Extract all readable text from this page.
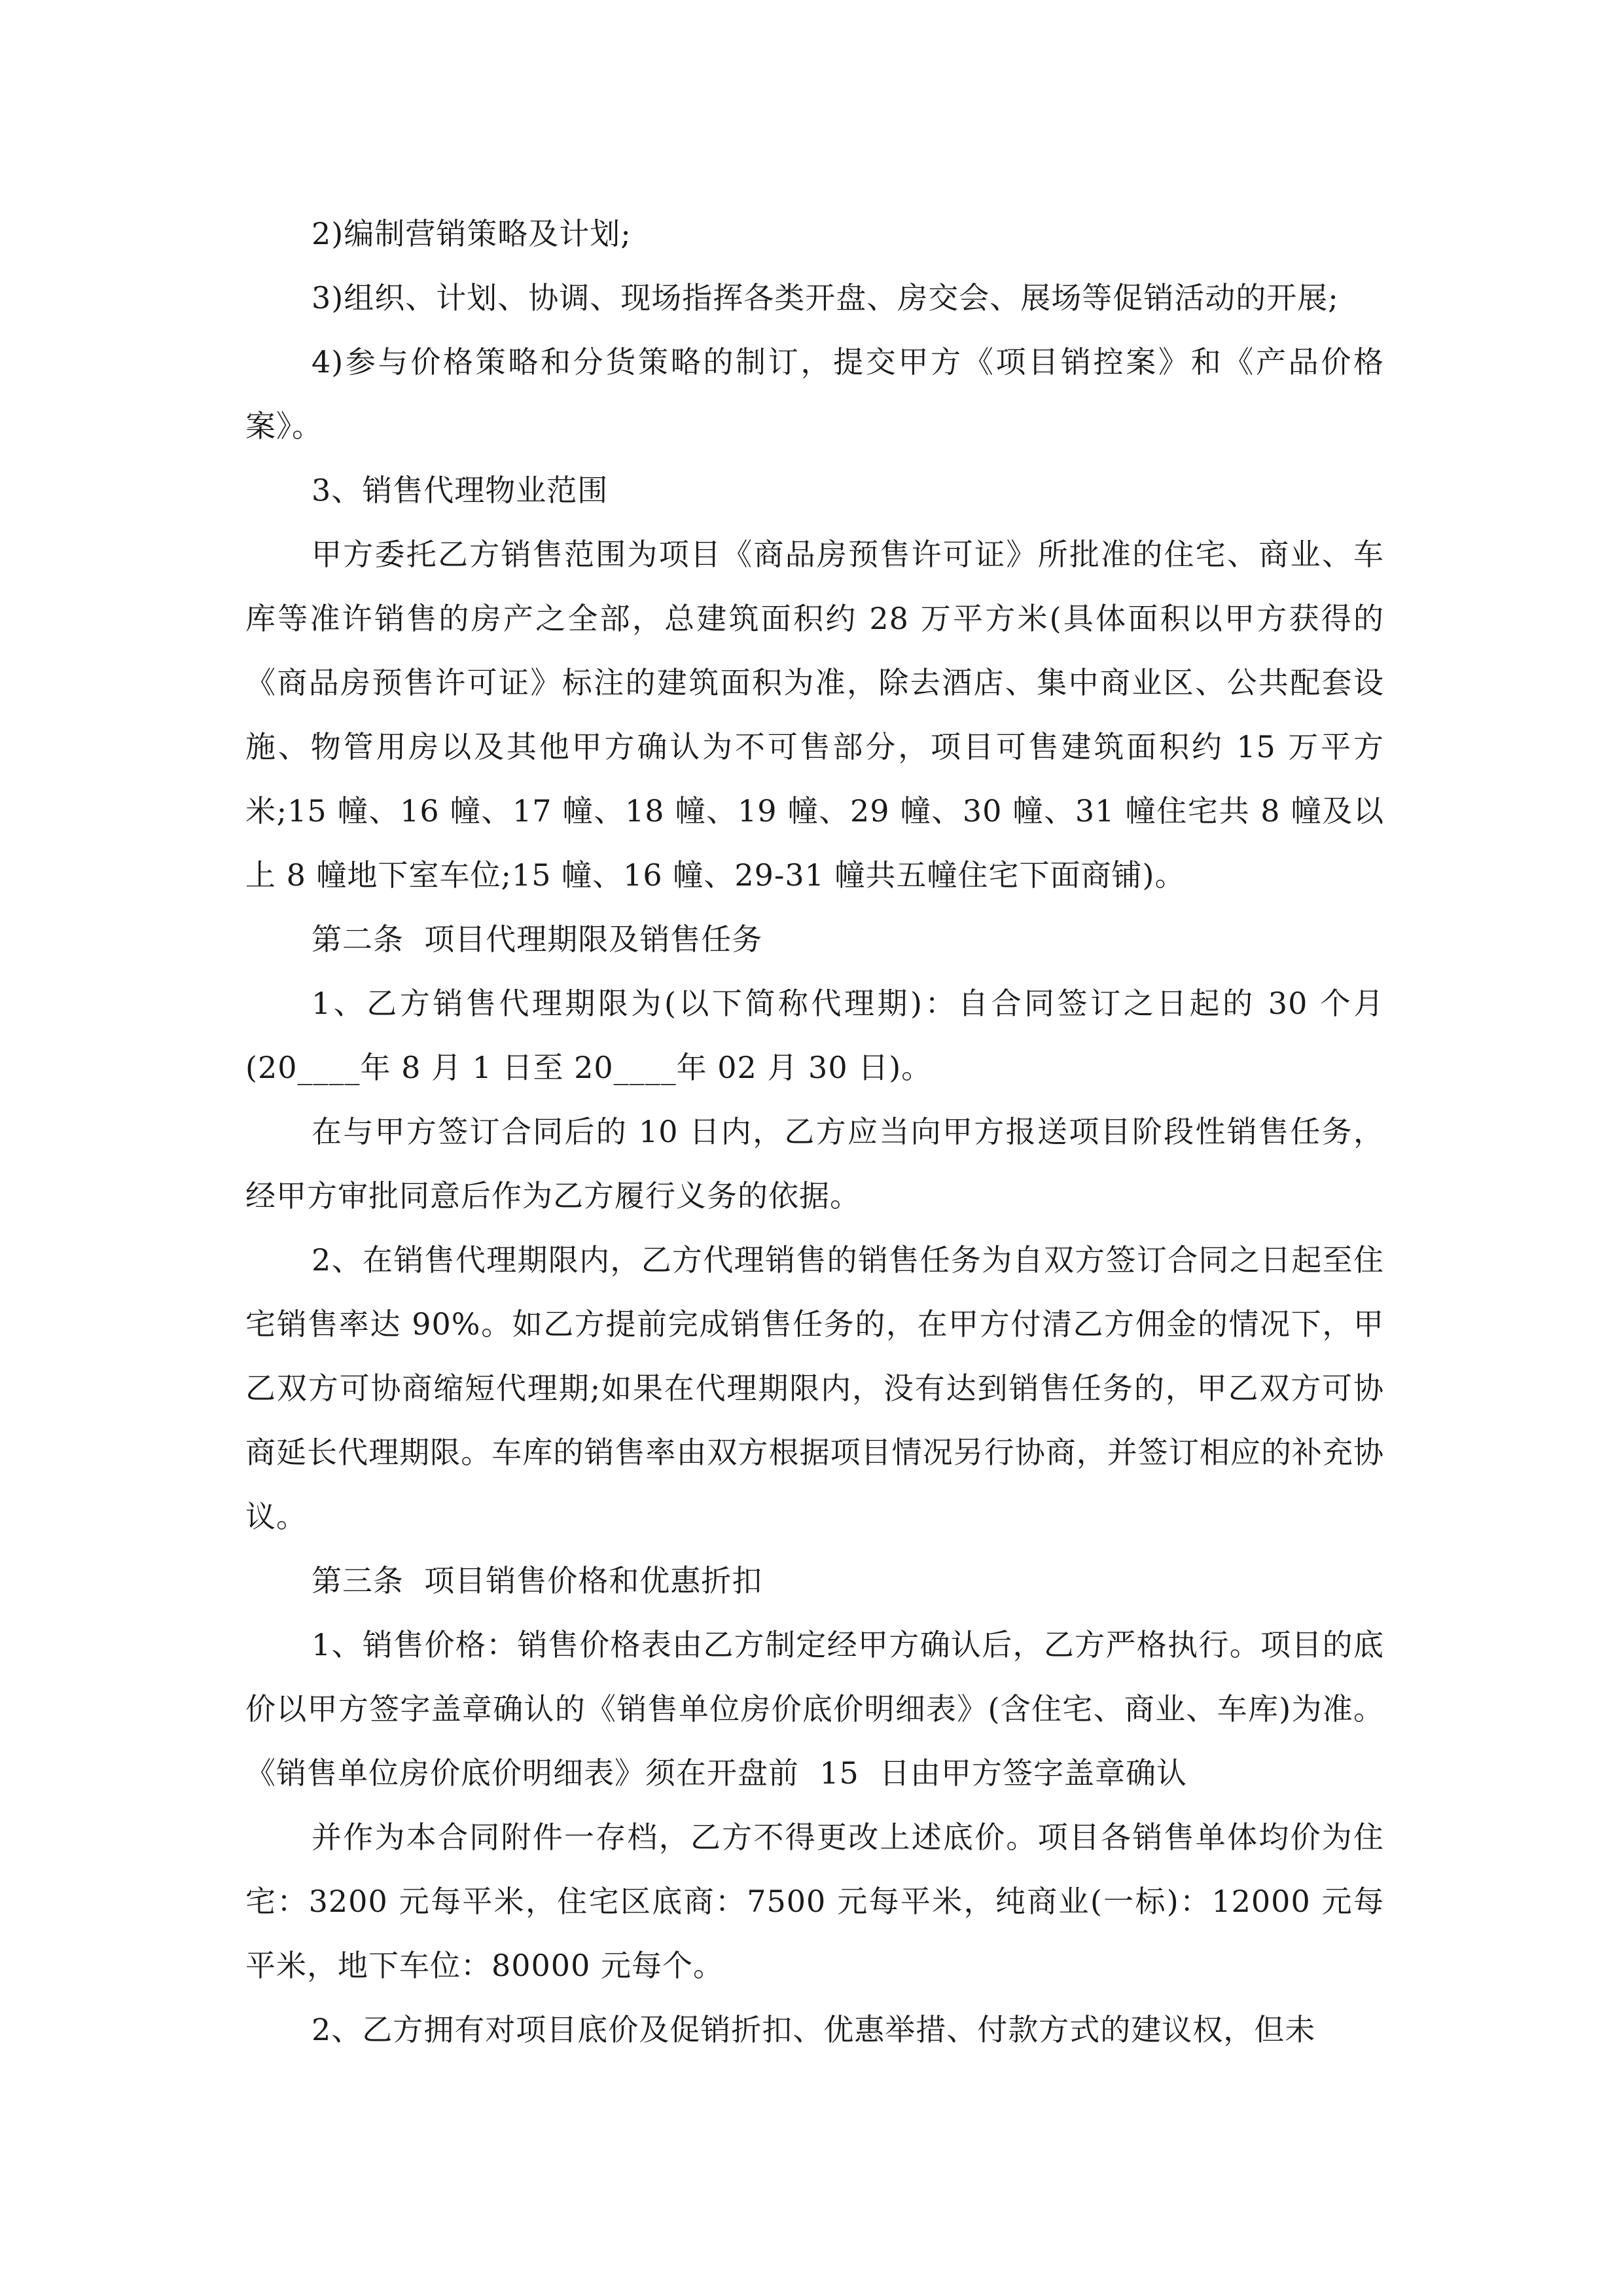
2)编制营销策略及计划;

3)组织、计划、协调、现场指挥各类开盘、房交会、展场等促销活动的开展;

4)参与价格策略和分货策略的制订，提交甲方《项目销控案》和《产品价格案》。

3、销售代理物业范围

甲方委托乙方销售范围为项目《商品房预售许可证》所批准的住宅、商业、车库等准许销售的房产之全部，总建筑面积约 28 万平方米(具体面积以甲方获得的《商品房预售许可证》标注的建筑面积为准，除去酒店、集中商业区、公共配套设施、物管用房以及其他甲方确认为不可售部分，项目可售建筑面积约 15 万平方米;15 幢、16 幢、17 幢、18 幢、19 幢、29 幢、30 幢、31 幢住宅共 8 幢及以上 8 幢地下室车位;15 幢、16 幢、29-31 幢共五幢住宅下面商铺)。

第二条  项目代理期限及销售任务

1、乙方销售代理期限为(以下简称代理期)：自合同签订之日起的 30 个月(20____年 8 月 1 日至 20____年 02 月 30 日)。

在与甲方签订合同后的 10 日内，乙方应当向甲方报送项目阶段性销售任务，经甲方审批同意后作为乙方履行义务的依据。

2、在销售代理期限内，乙方代理销售的销售任务为自双方签订合同之日起至住宅销售率达 90%。如乙方提前完成销售任务的，在甲方付清乙方佣金的情况下，甲乙双方可协商缩短代理期;如果在代理期限内，没有达到销售任务的，甲乙双方可协商延长代理期限。车库的销售率由双方根据项目情况另行协商，并签订相应的补充协议。

第三条  项目销售价格和优惠折扣

1、销售价格：销售价格表由乙方制定经甲方确认后，乙方严格执行。项目的底价以甲方签字盖章确认的《销售单位房价底价明细表》(含住宅、商业、车库)为准。《销售单位房价底价明细表》须在开盘前  15  日由甲方签字盖章确认

并作为本合同附件一存档，乙方不得更改上述底价。项目各销售单体均价为住宅：3200 元每平米，住宅区底商：7500 元每平米，纯商业(一标)：12000 元每平米，地下车位：80000 元每个。

2、乙方拥有对项目底价及促销折扣、优惠举措、付款方式的建议权，但未
